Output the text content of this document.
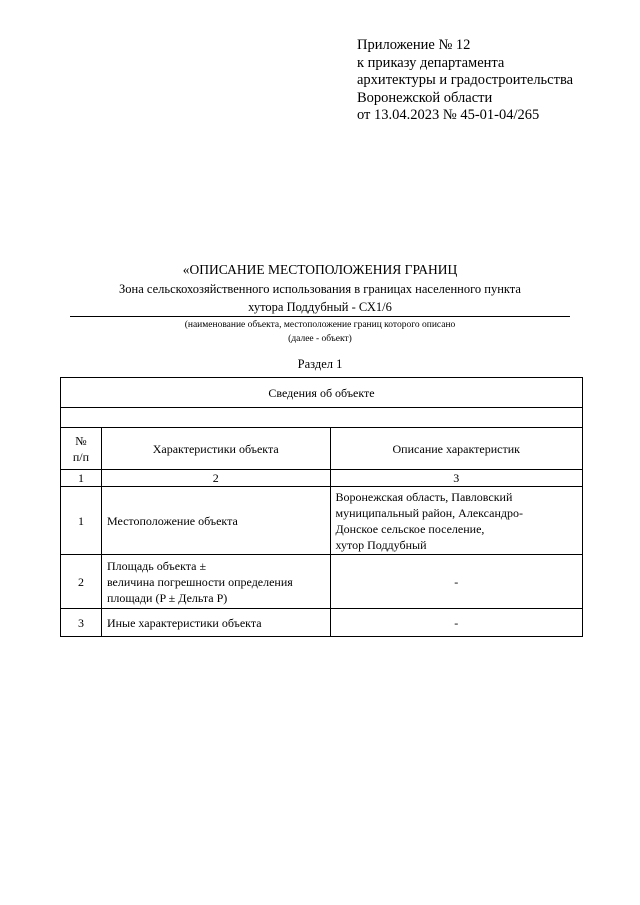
Приложение № 12
к приказу департамента
архитектуры и градостроительства
Воронежской области
от 13.04.2023 № 45-01-04/265
«ОПИСАНИЕ МЕСТОПОЛОЖЕНИЯ ГРАНИЦ
Зона сельскохозяйственного использования в границах населенного пункта
хутора Поддубный - СХ1/6
(наименование объекта, местоположение границ которого описано
(далее - объект)
Раздел 1
Сведения об объекте		

№
п/п	Характеристики объекта	Описание характеристик
1	2	3
1	Местоположение объекта	Воронежская область, Павловский
муниципальный район, Александро-
Донское сельское поселение,
хутор Поддубный

2	Площадь объекта ±
величина погрешности определения
площади (P ± Дельта P)	-
3	Иные характеристики объекта	-
